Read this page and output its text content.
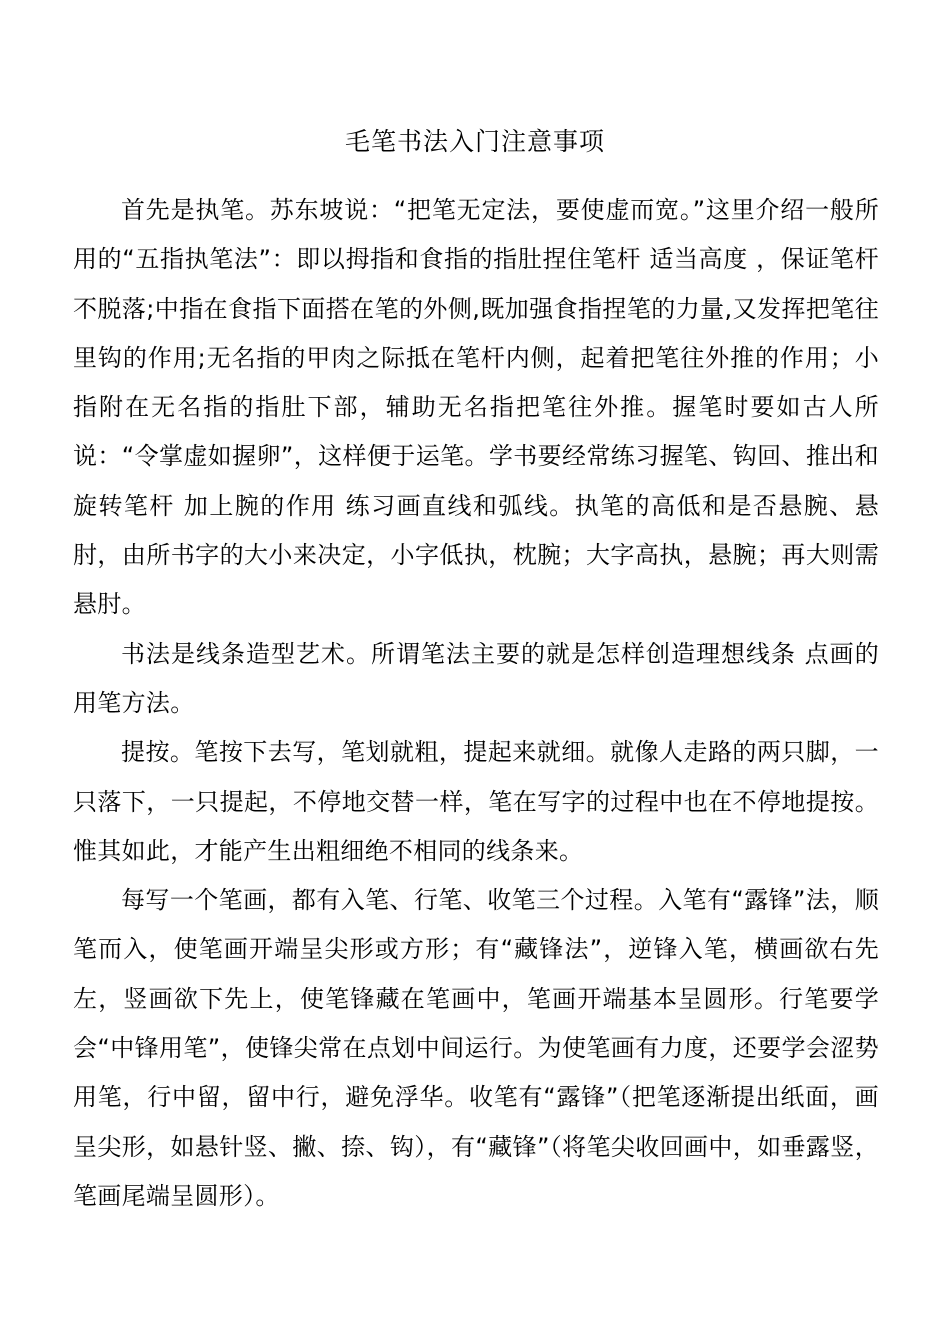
毛笔书法入门注意事项

首先是执笔。苏东坡说：“把笔无定法，要使虚而宽。”这里介绍一般所用的“五指执笔法”：即以拇指和食指的指肚捏住笔杆 适当高度 ，保证笔杆不脱落;中指在食指下面搭在笔的外侧,既加强食指捏笔的力量,又发挥把笔往里钩的作用;无名指的甲肉之际抵在笔杆内侧，起着把笔往外推的作用；小指附在无名指的指肚下部，辅助无名指把笔往外推。握笔时要如古人所说：“令掌虚如握卵”，这样便于运笔。学书要经常练习握笔、钩回、推出和旋转笔杆 加上腕的作用 练习画直线和弧线。执笔的高低和是否悬腕、悬肘，由所书字的大小来决定，小字低执，枕腕；大字高执，悬腕；再大则需悬肘。

书法是线条造型艺术。所谓笔法主要的就是怎样创造理想线条 点画的用笔方法。

提按。笔按下去写，笔划就粗，提起来就细。就像人走路的两只脚，一只落下，一只提起，不停地交替一样，笔在写字的过程中也在不停地提按。惟其如此，才能产生出粗细绝不相同的线条来。

每写一个笔画，都有入笔、行笔、收笔三个过程。入笔有“露锋”法，顺笔而入，使笔画开端呈尖形或方形；有“藏锋法”，逆锋入笔，横画欲右先左，竖画欲下先上，使笔锋藏在笔画中，笔画开端基本呈圆形。行笔要学会“中锋用笔”，使锋尖常在点划中间运行。为使笔画有力度，还要学会涩势用笔，行中留，留中行，避免浮华。收笔有“露锋”（把笔逐渐提出纸面，画呈尖形，如悬针竖、撇、捺、钩），有“藏锋”（将笔尖收回画中，如垂露竖，笔画尾端呈圆形）。
